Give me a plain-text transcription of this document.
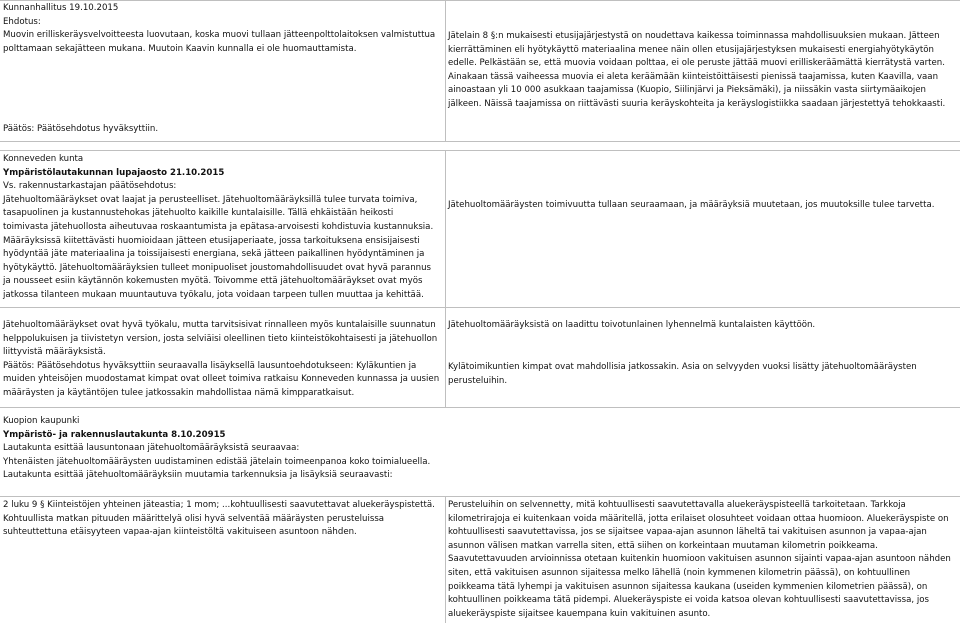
Kunnanhallitus 19.10.2015

Ehdotus:

Muovin erilliskeräysvelvoitteesta luovutaan, koska muovi tullaan jätteenpolttolaitoksen valmistuttua polttamaan sekajätteen mukana. Muutoin Kaavin kunnalla ei ole huomauttamista.

Jätelain 8 §:n mukaisesti etusijajärjestystä on noudettava kaikessa toiminnassa mahdollisuuksien mukaan. Jätteen kierrättäminen eli hyötykäyttö materiaalina menee näin ollen etusijajärjestyksen mukaisesti energiahyötykäytön edelle. Pelkästään se, että muovia voidaan polttaa, ei ole peruste jättää muovi erilliskeräämättä kierrätystä varten. Ainakaan tässä vaiheessa muovia ei aleta keräämään kiinteistöittäisesti pienissä taajamissa, kuten Kaavilla, vaan ainoastaan yli 10 000 asukkaan taajamissa (Kuopio, Siilinjärvi ja Pieksämäki), ja niissäkin vasta siirtymäaikojen jälkeen. Näissä taajamissa on riittävästi suuria keräyskohteita ja keräyslogistiikka saadaan järjestettyä tehokkaasti.

Päätös: Päätösehdotus hyväksyttiin.

Konneveden kunta

Ympäristölautakunnan lupajaosto 21.10.2015

Vs. rakennustarkastajan päätösehdotus:

Jätehuoltomääräykset ovat laajat ja perusteelliset. Jätehuoltomääräyksillä tulee turvata toimiva, tasapuolinen ja kustannustehokas jätehuolto kaikille kuntalaisille. Tällä ehkäistään heikosti toimivasta jätehuollosta aiheutuvaa roskaantumista ja epätasa-arvoisesti kohdistuvia kustannuksia. Määräyksissä kiitettävästi huomioidaan jätteen etusijaperiaate, jossa tarkoituksena ensisijaisesti hyödyntää jäte materiaalina ja toissijaisesti energiana, sekä jätteen paikallinen hyödyntäminen ja hyötykäyttö. Jätehuoltomääräyksien tulleet monipuoliset joustomahdollisuudet ovat hyvä parannus ja nousseet esiin käytännön kokemusten myötä. Toivomme että jätehuoltomääräykset ovat myös jatkossa tilanteen mukaan muuntautuva työkalu, jota voidaan tarpeen tullen muuttaa ja kehittää.

Jätehuoltomääräysten toimivuutta tullaan seuraamaan, ja määräyksiä muutetaan, jos muutoksille tulee tarvetta.

Jätehuoltomääräykset ovat hyvä työkalu, mutta tarvitsisivat rinnalleen myös kuntalaisille suunnatun helppolukuisen ja tiivistetyn version, josta selviäisi oleellinen tieto kiinteistökohtaisesti ja jätehuollon liittyvistä määräyksistä.

Päätös: Päätösehdotus hyväksyttiin seuraavalla lisäyksellä lausuntoehdotukseen: Kyläkuntien ja muiden yhteisöjen muodostamat kimpat ovat olleet toimiva ratkaisu Konneveden kunnassa ja uusien määräysten ja käytäntöjen tulee jatkossakin mahdollistaa nämä kimpparatkaisut.

Jätehuoltomääräyksistä on laadittu toivotunlainen lyhennelmä kuntalaisten käyttöön.

Kylätoimikuntien kimpat ovat mahdollisia jatkossakin. Asia on selvyyden vuoksi lisätty jätehuoltomääräysten perusteluihin.

Kuopion kaupunki

Ympäristö- ja rakennuslautakunta 8.10.20915

Lautakunta esittää lausuntonaan jätehuoltomääräyksistä seuraavaa:

Yhtenäisten jätehuoltomääräysten uudistaminen edistää jätelain toimeenpanoa koko toimialueella.

Lautakunta esittää jätehuoltomääräyksiin muutamia tarkennuksia ja lisäyksiä seuraavasti:

2 luku 9 § Kiinteistöjen yhteinen jäteastia; 1 mom; ...kohtuullisesti saavutettavat aluekeräyspistettä. Kohtuullista matkan pituuden määrittelyä olisi hyvä selventää määräysten perusteluissa suhteuttettuna etäisyyteen vapaa-ajan kiinteistöltä vakituiseen asuntoon nähden.

Perusteluihin on selvennetty, mitä kohtuullisesti saavutettavalla aluekeräyspisteellä tarkoitetaan. Tarkkoja kilometrirajoja ei kuitenkaan voida määritellä, jotta erilaiset olosuhteet voidaan ottaa huomioon. Aluekeräyspiste on kohtuullisesti saavutettavissa, jos se sijaitsee vapaa-ajan asunnon läheltä tai vakituisen asunnon ja vapaa-ajan asunnon välisen matkan varrella siten, että siihen on korkeintaan muutaman kilometrin poikkeama. Saavutettavuuden arvioinnissa otetaan kuitenkin huomioon vakituisen asunnon sijainti vapaa-ajan asuntoon nähden siten, että vakituisen asunnon sijaitessa melko lähellä (noin kymmenen kilometrin päässä), on kohtuullinen poikkeama tätä lyhempi ja vakituisen asunnon sijaitessa kaukana (useiden kymmenien kilometrien päässä), on kohtuullinen poikkeama tätä pidempi. Aluekeräyspiste ei voida katsoa olevan kohtuullisesti saavutettavissa, jos aluekeräyspiste sijaitsee kauempana kuin vakituinen asunto.
